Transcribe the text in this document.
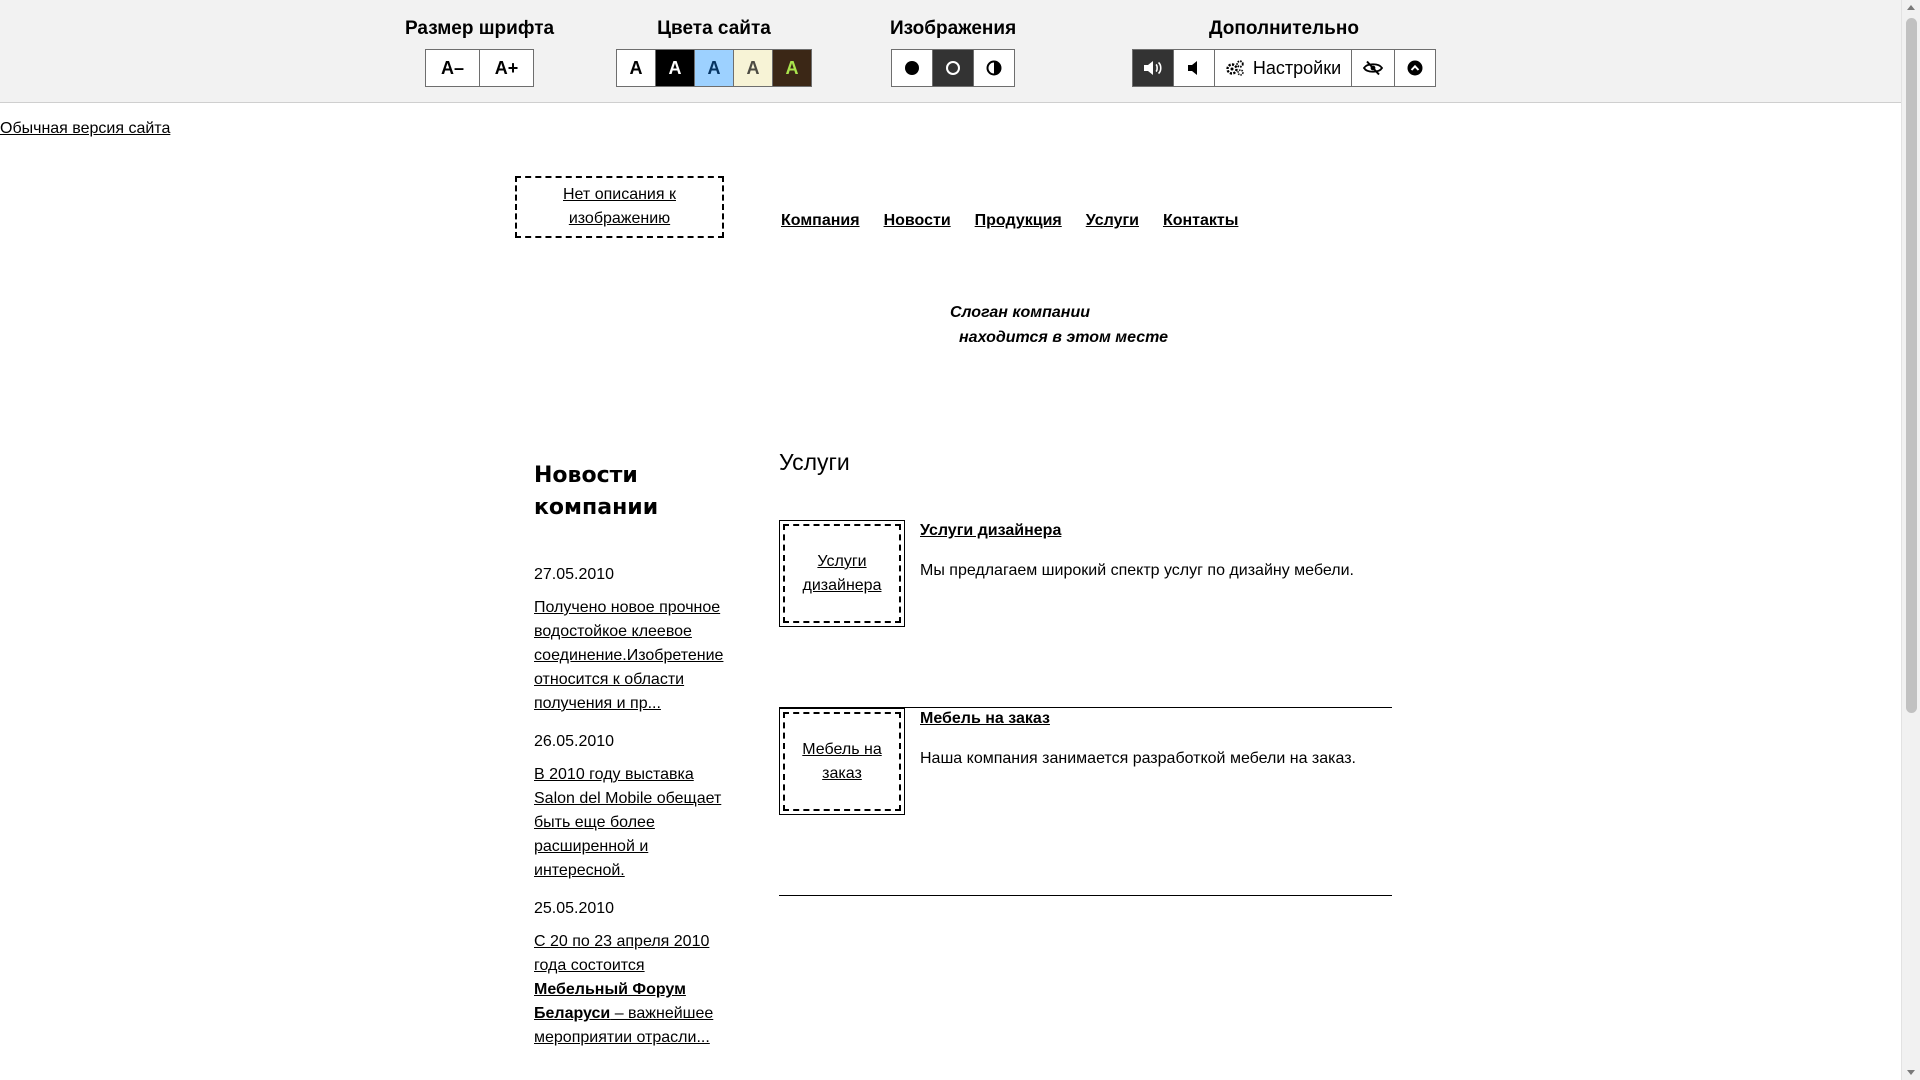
Размер шрифта
A–	A+
Цвета сайта
A	A	A	A	A
Изображения	Дополнительно
Настройки
Обычная версия сайта
Нет описания к изображению	Компания Новости Продукция Услуги Контакты
Слоган компании
находится в этом месте
Новости компании
27.05.2010
Получено новое прочное водостойкое клеевое соединение.Изобретение относится к области получения и пр...
26.05.2010
В 2010 году выставка Salon del Mobile обещает быть еще более расширенной и интересной.
25.05.2010
С 20 по 23 апреля 2010 года состоится Мебельный Форум Беларуси – важнейшее мероприятии отрасли...
Услуги
Услуги дизайнера
Услуги дизайнера
Мы предлагаем широкий спектр услуг по дизайну мебели.
Мебель на заказ
Мебель на заказ
Наша компания занимается разработкой мебели на заказ.
